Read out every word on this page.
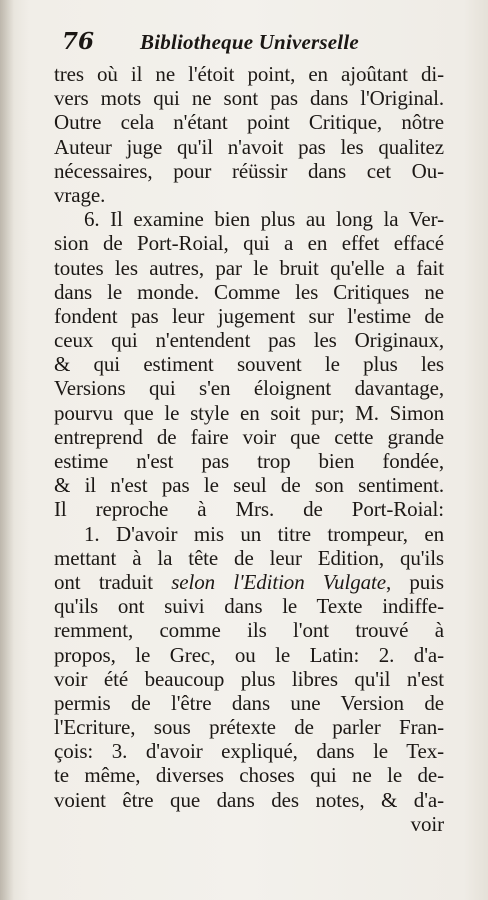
76 Bibliotheque Universelle
tres où il ne l'étoit point, en ajoûtant di-
vers mots qui ne sont pas dans l'Original.
Outre cela n'étant point Critique, nôtre
Auteur juge qu'il n'avoit pas les qualitez
nécessaires, pour réüssir dans cet Ou-
vrage.
6. Il examine bien plus au long la Ver-
sion de Port-Roial, qui a en effet effacé
toutes les autres, par le bruit qu'elle a fait
dans le monde. Comme les Critiques ne
fondent pas leur jugement sur l'estime de
ceux qui n'entendent pas les Originaux,
& qui estiment souvent le plus les
Versions qui s'en éloignent davantage,
pourvu que le style en soit pur; M. Simon
entreprend de faire voir que cette grande
estime n'est pas trop bien fondée,
& il n'est pas le seul de son sentiment.
Il reproche à Mrs. de Port-Roial:
1. D'avoir mis un titre trompeur, en
mettant à la tête de leur Edition, qu'ils
ont traduit selon l'Edition Vulgate, puis
qu'ils ont suivi dans le Texte indiffe-
remment, comme ils l'ont trouvé à
propos, le Grec, ou le Latin: 2. d'a-
voir été beaucoup plus libres qu'il n'est
permis de l'être dans une Version de
l'Ecriture, sous prétexte de parler Fran-
çois: 3. d'avoir expliqué, dans le Tex-
te même, diverses choses qui ne le de-
voient être que dans des notes, & d'a-
voir
